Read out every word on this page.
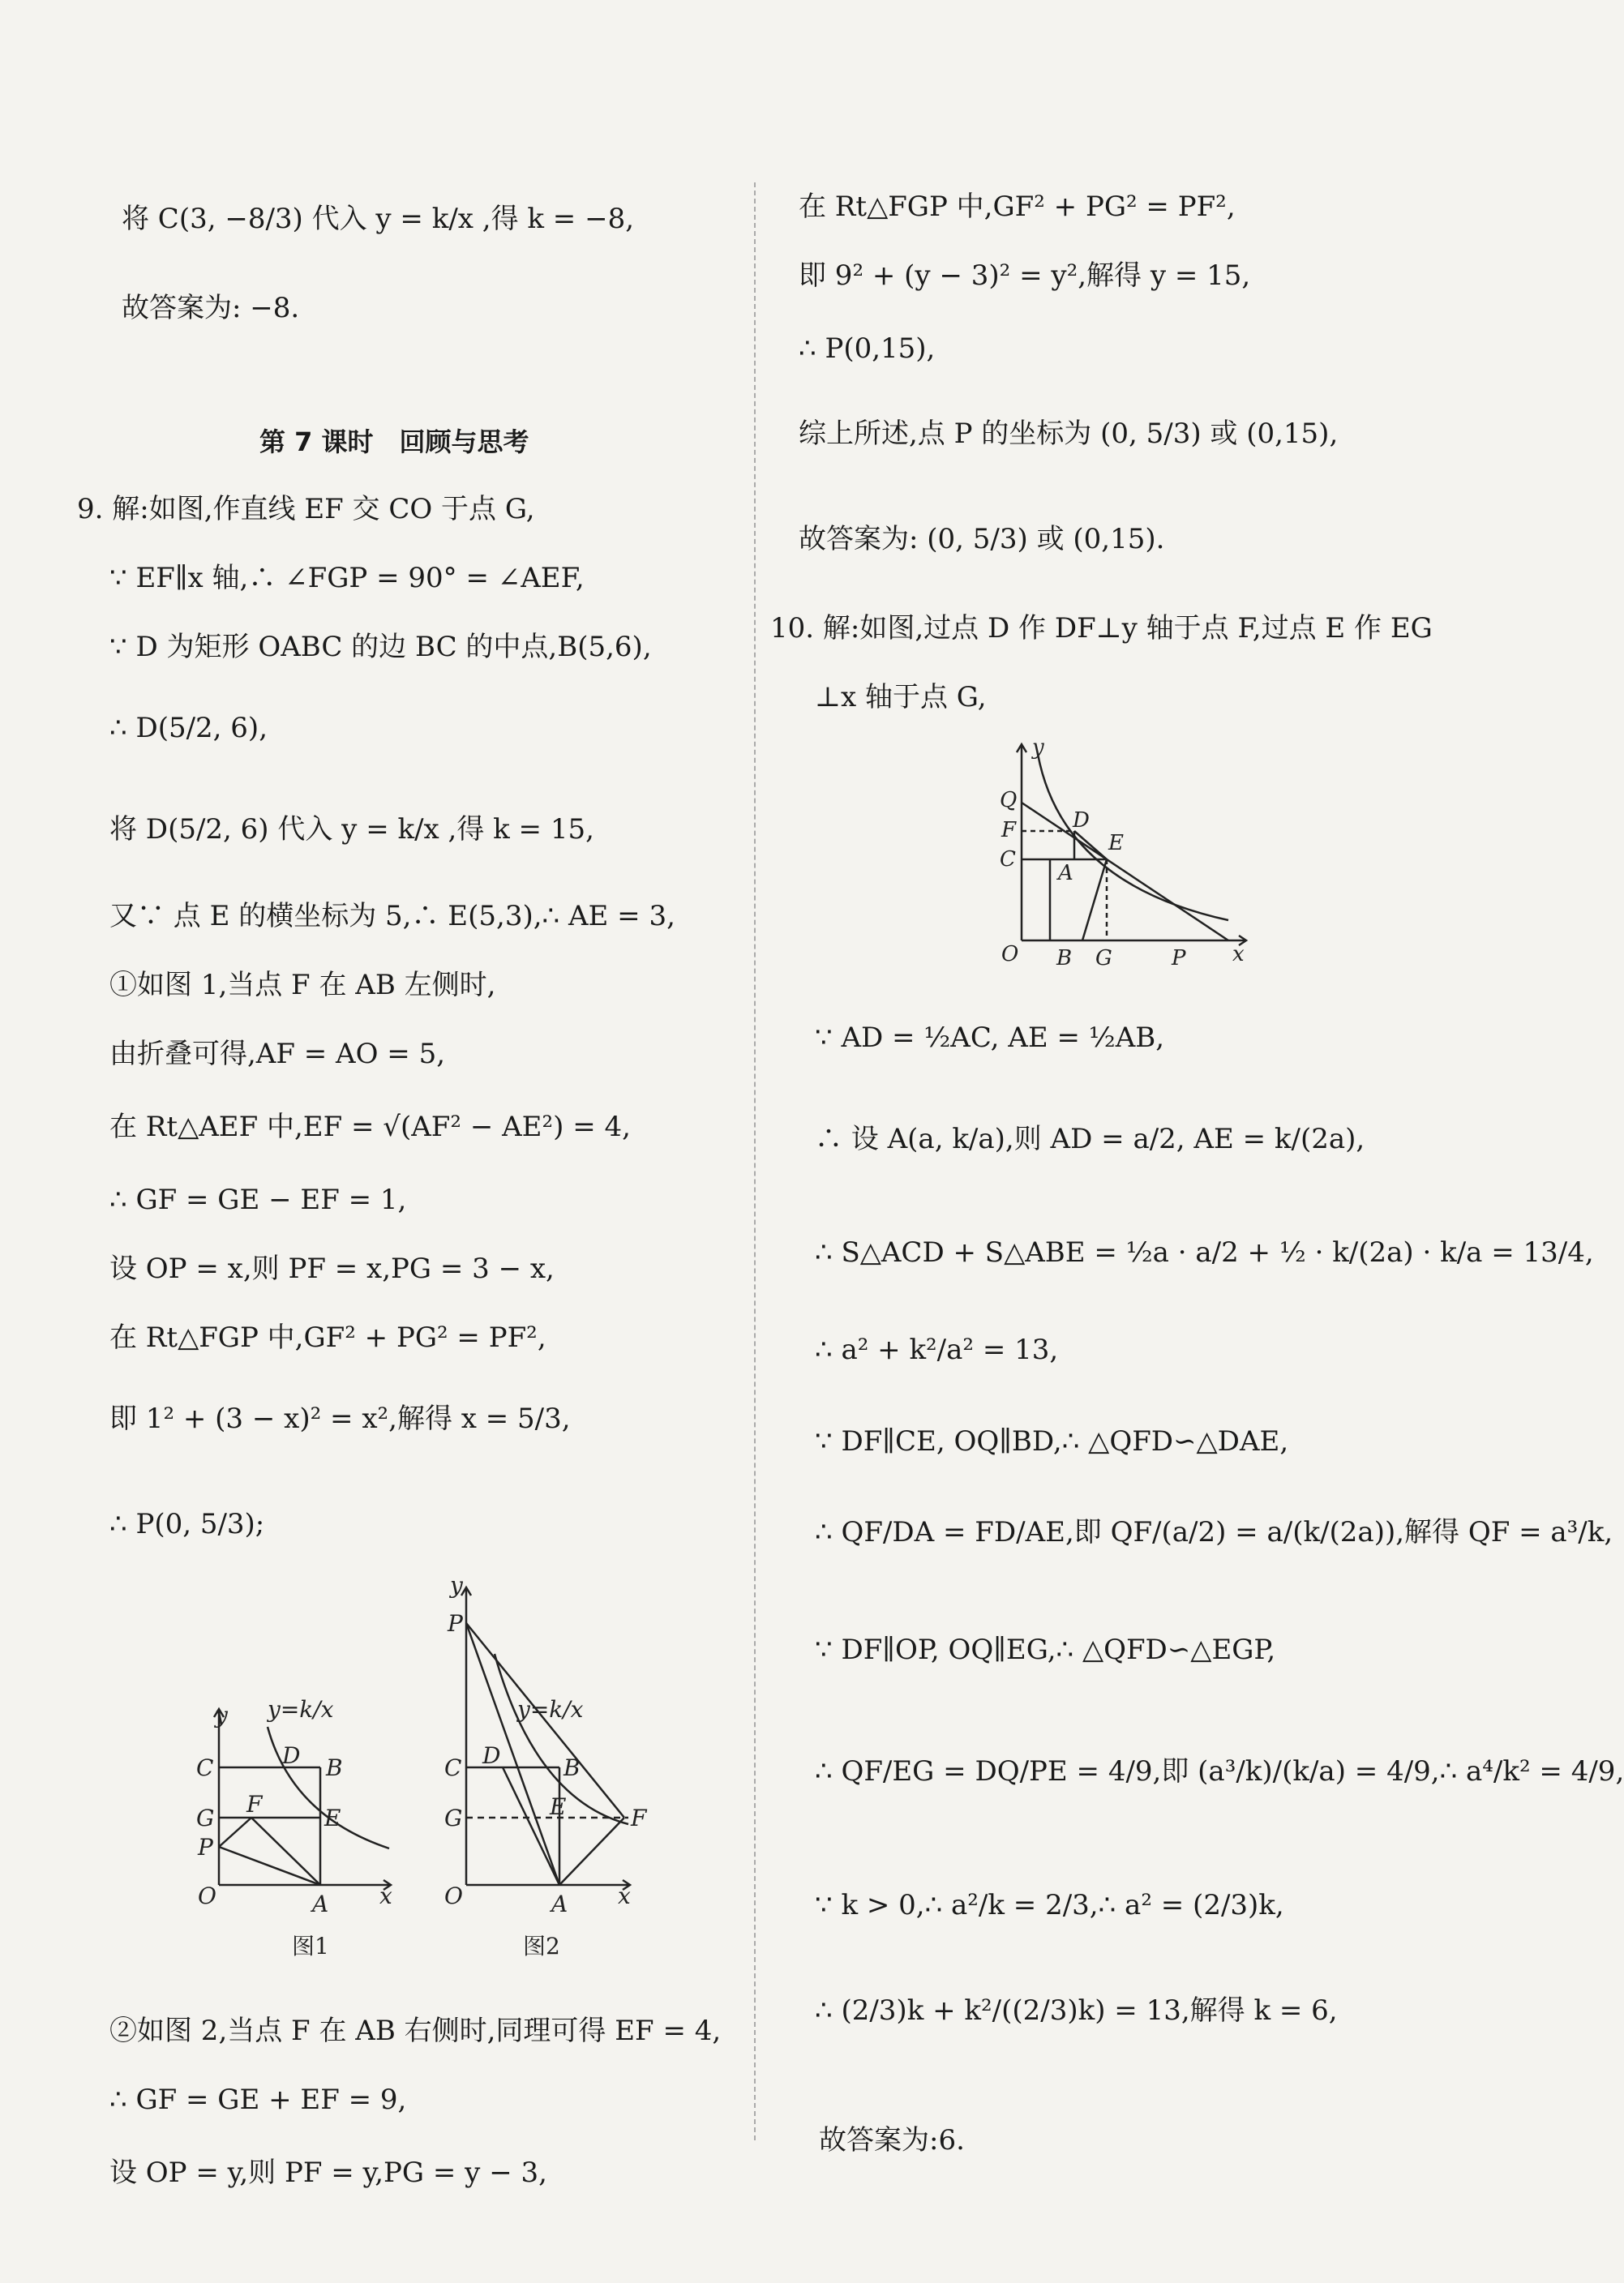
将 C(3, −8/3) 代入 y = k/x ,得 k = −8,
故答案为: −8.
第 7 课时　回顾与思考
9. 解:如图,作直线 EF 交 CO 于点 G,
∵ EF∥x 轴,∴ ∠FGP = 90° = ∠AEF,
∵ D 为矩形 OABC 的边 BC 的中点,B(5,6),
∴ D(5/2, 6),
将 D(5/2, 6) 代入 y = k/x ,得 k = 15,
又∵ 点 E 的横坐标为 5,∴ E(5,3),∴ AE = 3,
①如图 1,当点 F 在 AB 左侧时,
由折叠可得,AF = AO = 5,
在 Rt△AEF 中,EF = √(AF² − AE²) = 4,
∴ GF = GE − EF = 1,
设 OP = x,则 PF = x,PG = 3 − x,
在 Rt△FGP 中,GF² + PG² = PF²,
即 1² + (3 − x)² = x²,解得 x = 5/3,
∴ P(0, 5/3);
y y=k/x
C	D B
G
F
E
P
O	A x
y
P
y=k/x
C D	B
G	E	F
O	A x
图1	图2
②如图 2,当点 F 在 AB 右侧时,同理可得 EF = 4,
∴ GF = GE + EF = 9,
设 OP = y,则 PF = y,PG = y − 3,
在 Rt△FGP 中,GF² + PG² = PF²,
即 9² + (y − 3)² = y²,解得 y = 15,
∴ P(0,15),
综上所述,点 P 的坐标为 (0, 5/3) 或 (0,15),
故答案为: (0, 5/3) 或 (0,15).
10. 解:如图,过点 D 作 DF⊥y 轴于点 F,过点 E 作 EG
⊥x 轴于点 G,
y
Q
F	D
C
A
E
O B G	P x
∵ AD = ½AC, AE = ½AB,
∴ 设 A(a, k/a),则 AD = a/2, AE = k/(2a),
∴ S△ACD + S△ABE = ½a · a/2 + ½ · k/(2a) · k/a = 13/4,
∴ a² + k²/a² = 13,
∵ DF∥CE, OQ∥BD,∴ △QFD∽△DAE,
∴ QF/DA = FD/AE,即 QF/(a/2) = a/(k/(2a)),解得 QF = a³/k,
∵ DF∥OP, OQ∥EG,∴ △QFD∽△EGP,
∴ QF/EG = DQ/PE = 4/9,即 (a³/k)/(k/a) = 4/9,∴ a⁴/k² = 4/9,
∵ k > 0,∴ a²/k = 2/3,∴ a² = (2/3)k,
∴ (2/3)k + k²/((2/3)k) = 13,解得 k = 6,
故答案为:6.
